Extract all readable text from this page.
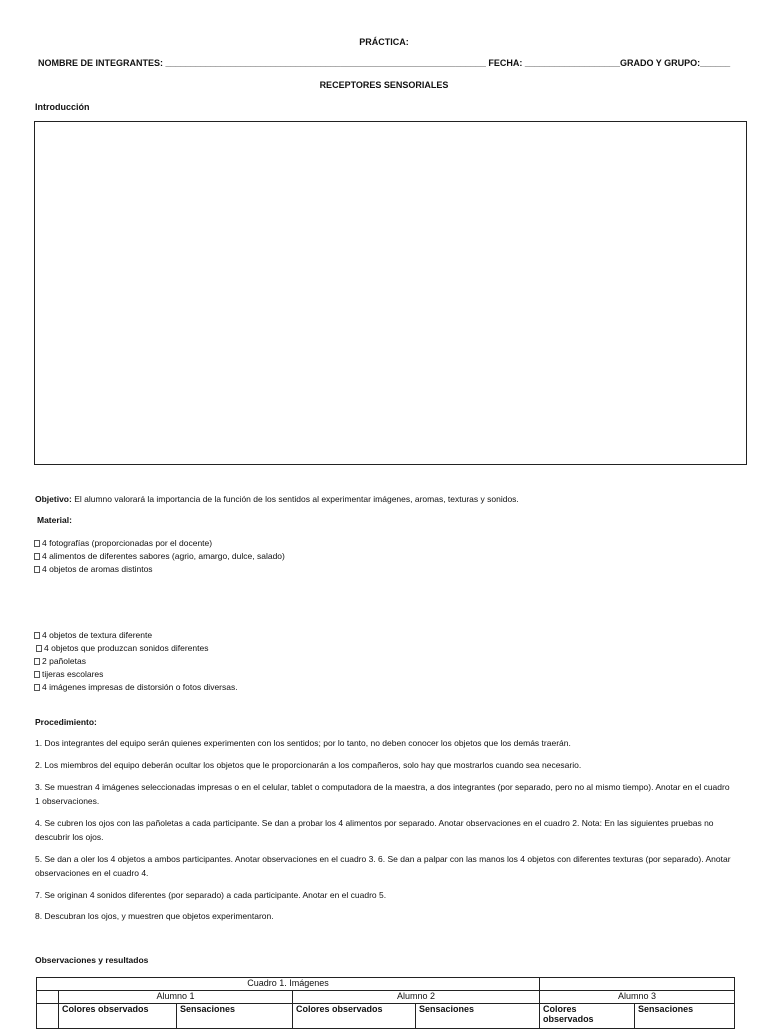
PRÁCTICA:
NOMBRE DE INTEGRANTES: ________________________________________________________________ FECHA: ___________________GRADO Y GRUPO:______
RECEPTORES SENSORIALES
Introducción
Objetivo: El alumno valorará la importancia de la función de los sentidos al experimentar imágenes, aromas, texturas y sonidos.
Material:
4 fotografías (proporcionadas por el docente)
4 alimentos de diferentes sabores (agrio, amargo, dulce, salado)
4 objetos de aromas distintos
4 objetos de textura diferente
4 objetos que produzcan sonidos diferentes
2 pañoletas
tijeras escolares
4 imágenes impresas de distorsión o fotos diversas.
Procedimiento:
1. Dos integrantes del equipo serán quienes experimenten con los sentidos; por lo tanto, no deben conocer los objetos que los demás traerán.
2. Los miembros del equipo deberán ocultar los objetos que le proporcionarán a los compañeros, solo hay que mostrarlos cuando sea necesario.
3. Se muestran 4 imágenes seleccionadas impresas o en el celular, tablet o computadora de la maestra, a dos integrantes (por separado, pero no al mismo tiempo). Anotar en el cuadro 1 observaciones.
4. Se cubren los ojos con las pañoletas a cada participante. Se dan a probar los 4 alimentos por separado. Anotar observaciones en el cuadro 2. Nota: En las siguientes pruebas no descubrir los ojos.
5. Se dan a oler los 4 objetos a ambos participantes. Anotar observaciones en el cuadro 3. 6. Se dan a palpar con las manos los 4 objetos con diferentes texturas (por separado). Anotar observaciones en el cuadro 4.
7. Se originan 4 sonidos diferentes (por separado) a cada participante. Anotar en el cuadro 5.
8. Descubran los ojos, y muestren que objetos experimentaron.
Observaciones y resultados
Cuadro 1. Imágenes						
	Alumno 1		Alumno 2		Alumno 3	
	Colores observados	Sensaciones	Colores observados	Sensaciones	Colores
observados	Sensaciones
